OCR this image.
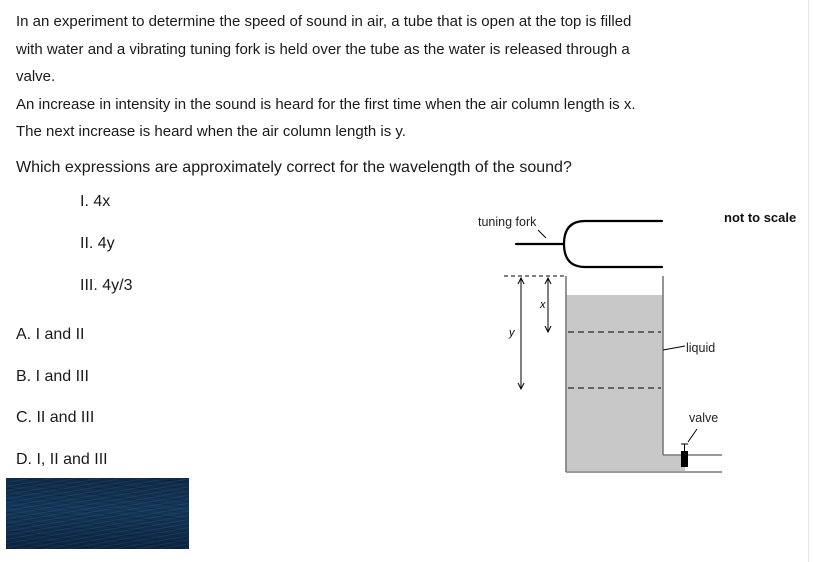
In an experiment to determine the speed of sound in air, a tube that is open at the top is filled

with water and a vibrating tuning fork is held over the tube as the water is released through a

valve.

An increase in intensity in the sound is heard for the first time when the air column length is x.

The next increase is heard when the air column length is y.

Which expressions are approximately correct for the wavelength of the sound?

I. 4x
II. 4y
III. 4y/3
A. I and II
B. I and III
C. II and III
D. I, II and III
tuning fork	not to scale
x
y
liquid
valve
